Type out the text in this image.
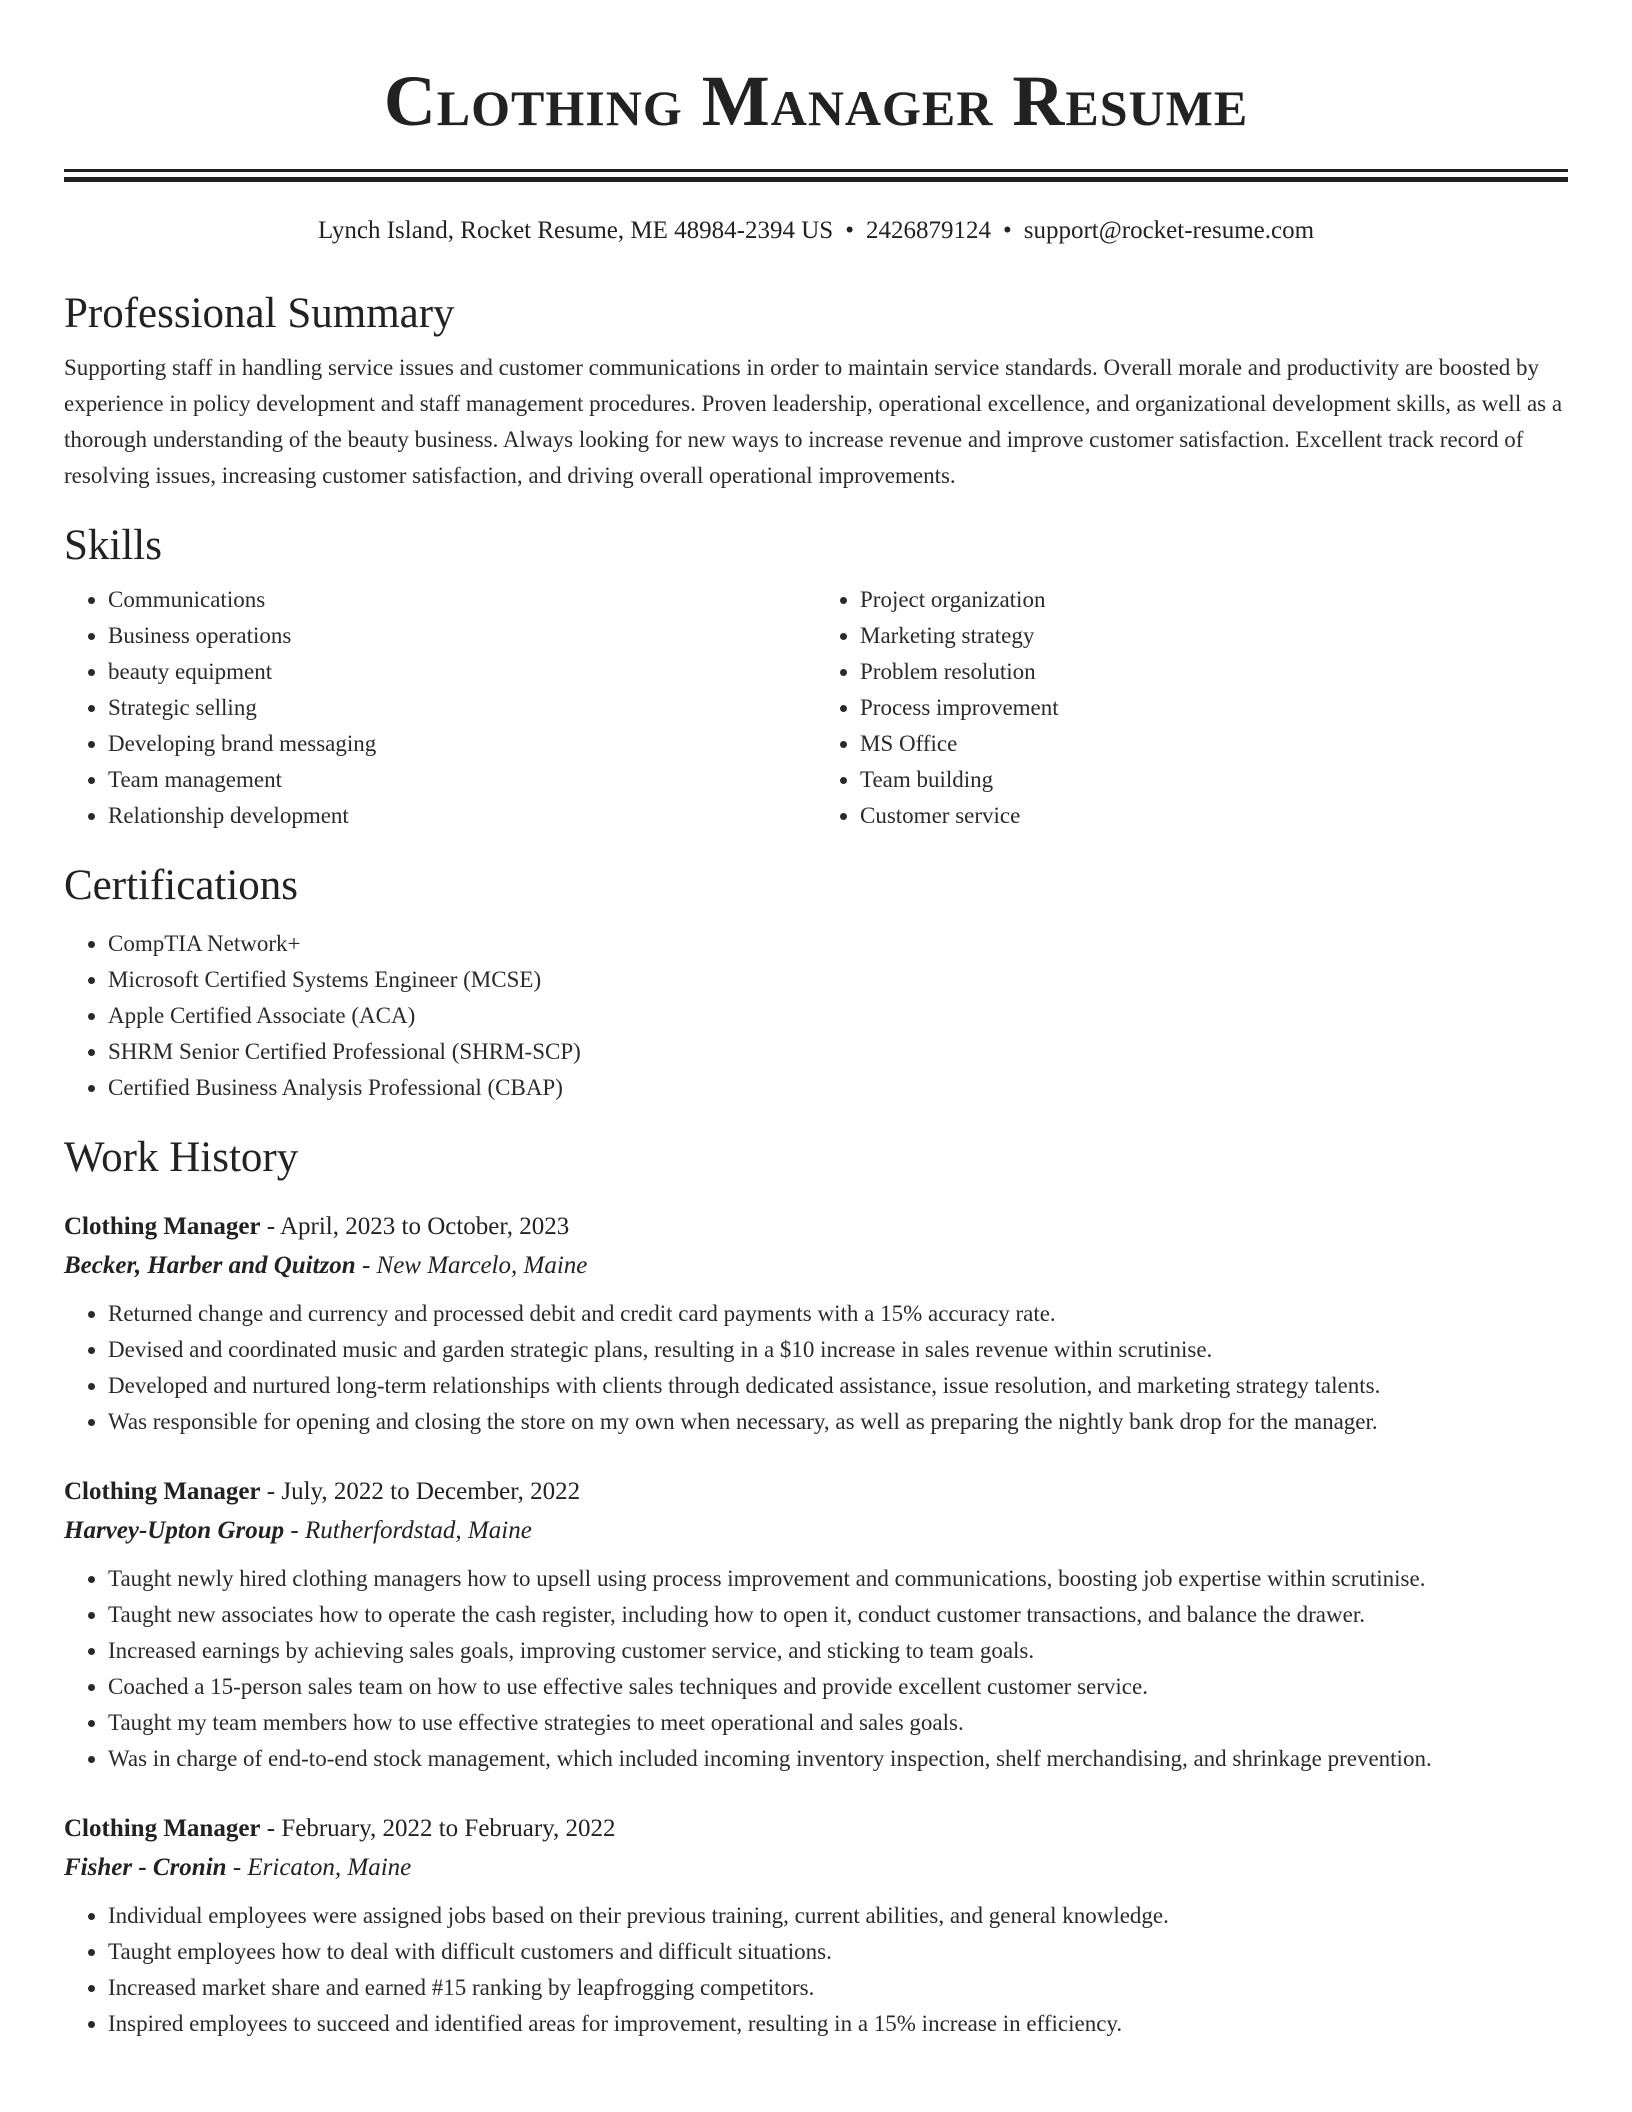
Clothing Manager Resume
Lynch Island, Rocket Resume, ME 48984-2394 US • 2426879124 • support@rocket-resume.com
Professional Summary

Supporting staff in handling service issues and customer communications in order to maintain service standards. Overall morale and productivity are boosted by experience in policy development and staff management procedures. Proven leadership, operational excellence, and organizational development skills, as well as a thorough understanding of the beauty business. Always looking for new ways to increase revenue and improve customer satisfaction. Excellent track record of resolving issues, increasing customer satisfaction, and driving overall operational improvements.

Skills
• Communications
• Business operations
• beauty equipment
• Strategic selling
• Developing brand messaging
• Team management
• Relationship development
• Project organization
• Marketing strategy
• Problem resolution
• Process improvement
• MS Office
• Team building
• Customer service
Certifications
• CompTIA Network+
• Microsoft Certified Systems Engineer (MCSE)
• Apple Certified Associate (ACA)
• SHRM Senior Certified Professional (SHRM-SCP)
• Certified Business Analysis Professional (CBAP)
Work History
Clothing Manager - April, 2023 to October, 2023
Becker, Harber and Quitzon - New Marcelo, Maine
• Returned change and currency and processed debit and credit card payments with a 15% accuracy rate.
• Devised and coordinated music and garden strategic plans, resulting in a $10 increase in sales revenue within scrutinise.
• Developed and nurtured long-term relationships with clients through dedicated assistance, issue resolution, and marketing strategy talents.
• Was responsible for opening and closing the store on my own when necessary, as well as preparing the nightly bank drop for the manager.
Clothing Manager - July, 2022 to December, 2022
Harvey-Upton Group - Rutherfordstad, Maine
• Taught newly hired clothing managers how to upsell using process improvement and communications, boosting job expertise within scrutinise.
• Taught new associates how to operate the cash register, including how to open it, conduct customer transactions, and balance the drawer.
• Increased earnings by achieving sales goals, improving customer service, and sticking to team goals.
• Coached a 15-person sales team on how to use effective sales techniques and provide excellent customer service.
• Taught my team members how to use effective strategies to meet operational and sales goals.
• Was in charge of end-to-end stock management, which included incoming inventory inspection, shelf merchandising, and shrinkage prevention.
Clothing Manager - February, 2022 to February, 2022
Fisher - Cronin - Ericaton, Maine
• Individual employees were assigned jobs based on their previous training, current abilities, and general knowledge.
• Taught employees how to deal with difficult customers and difficult situations.
• Increased market share and earned #15 ranking by leapfrogging competitors.
• Inspired employees to succeed and identified areas for improvement, resulting in a 15% increase in efficiency.
